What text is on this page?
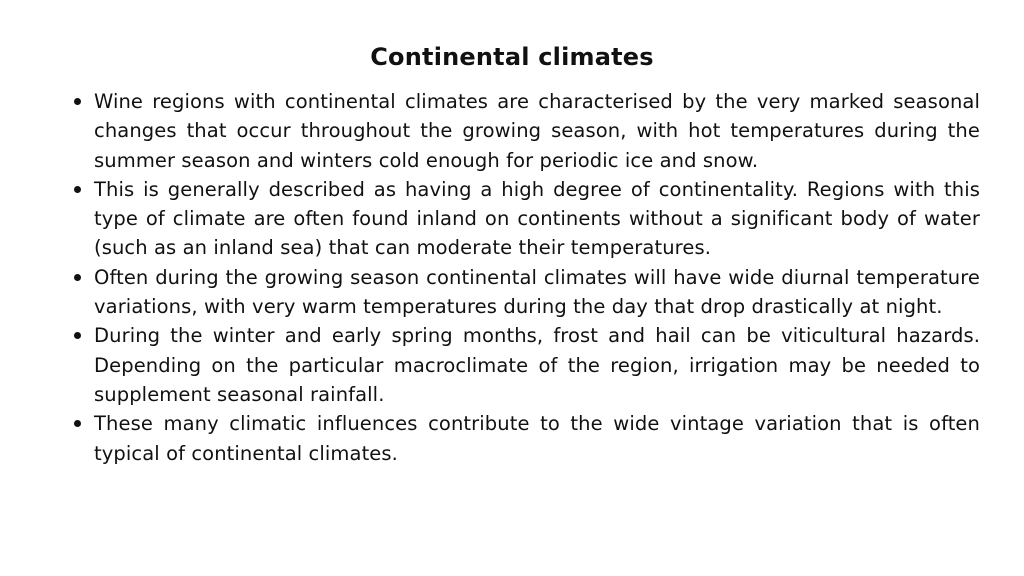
Continental climates
Wine regions with continental climates are characterised by the very marked seasonal changes that occur throughout the growing season, with hot temperatures during the summer season and winters cold enough for periodic ice and snow.
This is generally described as having a high degree of continentality. Regions with this type of climate are often found inland on continents without a significant body of water (such as an inland sea) that can moderate their temperatures.
Often during the growing season continental climates will have wide diurnal temperature variations, with very warm temperatures during the day that drop drastically at night.
During the winter and early spring months, frost and hail can be viticultural hazards. Depending on the particular macroclimate of the region, irrigation may be needed to supplement seasonal rainfall.
These many climatic influences contribute to the wide vintage variation that is often typical of continental climates.
